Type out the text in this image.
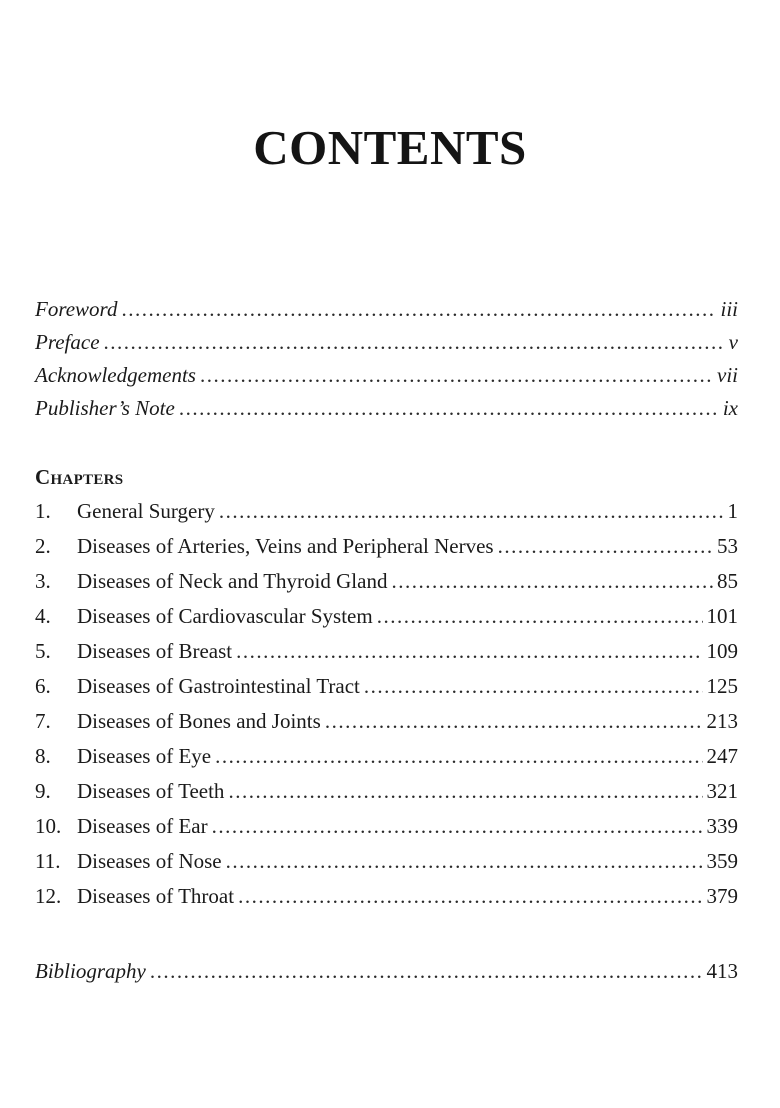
CONTENTS
Foreword .....	iii
Preface .....	v
Acknowledgements .....	vii
Publisher’s Note .....	ix
Chapters
1.	General Surgery .....	1
2.	Diseases of Arteries, Veins and Peripheral Nerves .....	53
3.	Diseases of Neck and Thyroid Gland .....	85
4.	Diseases of Cardiovascular System .....	101
5.	Diseases of Breast .....	109
6.	Diseases of Gastrointestinal Tract .....	125
7.	Diseases of Bones and Joints .....	213
8.	Diseases of Eye .....	247
9.	Diseases of Teeth .....	321
10. Diseases of Ear .....	339
11. Diseases of Nose .....	359
12. Diseases of Throat .....	379
Bibliography .....	413
